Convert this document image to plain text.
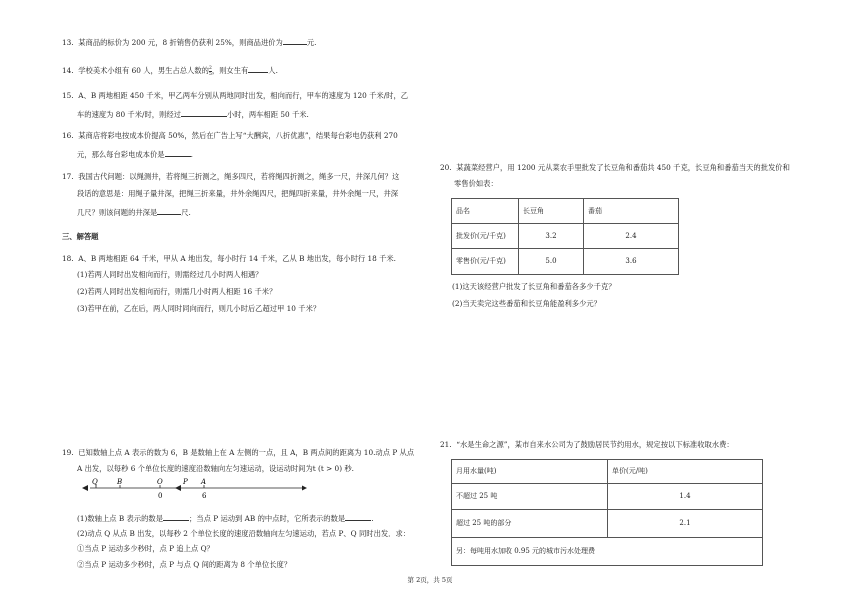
13. 某商品的标价为 200 元，8 折销售仍获利 25%，则商品进价为	元.
14. 学校美术小组有 60 人，男生占总人数的 $\frac{2}{5}$ ，则女生有	人.
15. A、B 两地相距 450 千米，甲乙两车分别从两地同时出发，相向而行，甲车的速度为 120 千米/时，乙
车的速度为 80 千米/时，则经过	小时，两车相距 50 千米.
16. 某商店将彩电按成本价提高 50%，然后在广告上写“大酬宾，八折优惠”，结果每台彩电仍获利 270
元，那么每台彩电成本价是	.
17. 我国古代问题：以绳测井，若将绳三折测之，绳多四尺，若将绳四折测之，绳多一尺，井深几何？这
段话的意思是：用绳子量井深，把绳三折来量，井外余绳四尺，把绳四折来量，井外余绳一尺，井深
几尺？则该问题的井深是	尺.
三、解答题
18. A、B 两地相距 64 千米，甲从 A 地出发，每小时行 14 千米，乙从 B 地出发，每小时行 18 千米.
(1)若两人同时出发相向而行，则需经过几小时两人相遇？
(2)若两人同时出发相向而行，则需几小时两人相距 16 千米？
(3)若甲在前，乙在后，两人同时同向而行，则几小时后乙超过甲 10 千米？
19. 已知数轴上点 A 表示的数为 6，B 是数轴上在 A 左侧的一点，且 A，B 两点间的距离为 10.动点 P 从点
A 出发，以每秒 6 个单位长度的速度沿数轴向左匀速运动，设运动时间为t (t > 0) 秒.
Q	B	O	P A
0	6
(1)数轴上点 B 表示的数是	；当点 P 运动到 AB 的中点时，它所表示的数是	.
(2)动点 Q 从点 B 出发，以每秒 2 个单位长度的速度沿数轴向左匀速运动，若点 P、Q 同时出发．求：
①当点 P 运动多少秒时，点 P 追上点 Q？
②当点 P 运动多少秒时，点 P 与点 Q 间的距离为 8 个单位长度？
20. 某蔬菜经营户，用 1200 元从菜农手里批发了长豆角和番茄共 450 千克，长豆角和番茄当天的批发价和
零售价如表：
品名	长豆角	番茄
批发价(元/千克)	3.2	2.4
零售价(元/千克)	5.0	3.6
(1)这天该经营户批发了长豆角和番茄各多少千克？
(2)当天卖完这些番茄和长豆角能盈利多少元？
21. “水是生命之源”，某市自来水公司为了鼓励居民节约用水，规定按以下标准收取水费：
月用水量(吨)	单价(元/吨)
不超过 25 吨	1.4
超过 25 吨的部分	2.1
另：每吨用水加收 0.95 元的城市污水处理费	
第 2页，共 5页
